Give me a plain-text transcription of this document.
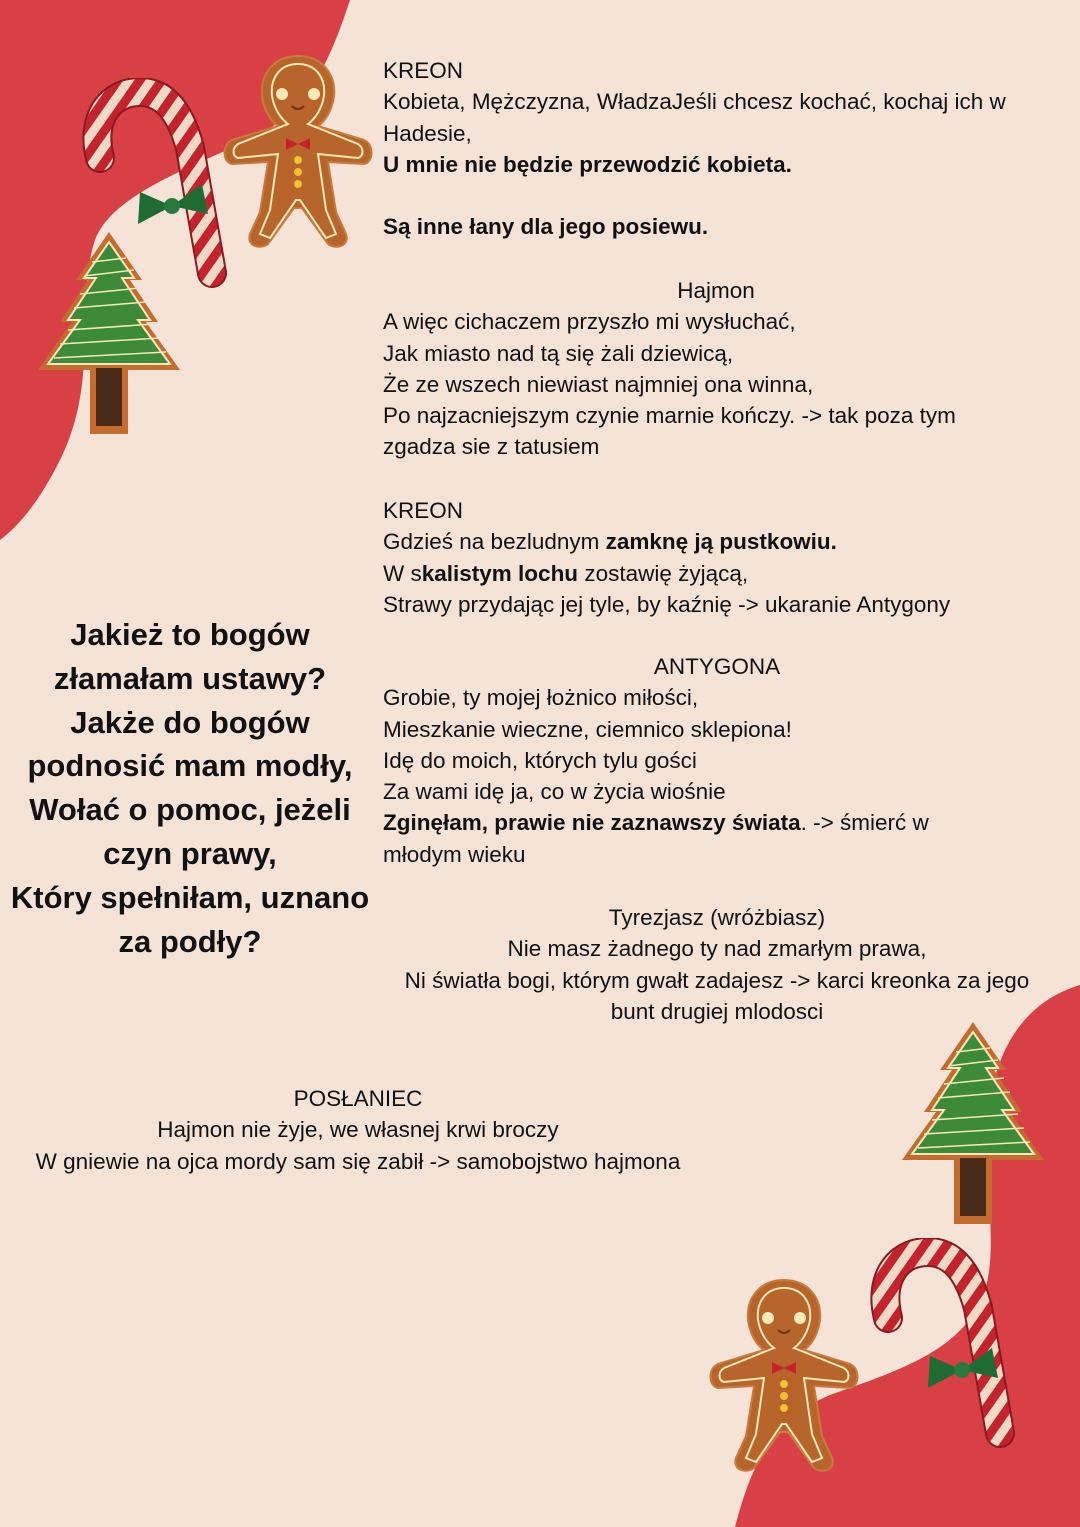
Jakież to bogów
złamałam ustawy?
Jakże do bogów
podnosić mam modły,
Wołać o pomoc, jeżeli
czyn prawy,
Który spełniłam, uznano
za podły?
KREON
Kobieta, Mężczyzna, WładzaJeśli chcesz kochać, kochaj ich w
Hadesie,
U mnie nie będzie przewodzić kobieta.

Są inne łany dla jego posiewu.
Hajmon
A więc cichaczem przyszło mi wysłuchać,
Jak miasto nad tą się żali dziewicą,
Że ze wszech niewiast najmniej ona winna,
Po najzacniejszym czynie marnie kończy. -> tak poza tym
zgadza sie z tatusiem
KREON
Gdzieś na bezludnym zamknę ją pustkowiu.
W skalistym lochu zostawię żyjącą,
Strawy przydając jej tyle, by kaźnię -> ukaranie Antygony
ANTYGONA
Grobie, ty mojej łożnico miłości,
Mieszkanie wieczne, ciemnico sklepiona!
Idę do moich, których tylu gości
Za wami idę ja, co w życia wiośnie
Zginęłam, prawie nie zaznawszy świata. -> śmierć w
młodym wieku
Tyrezjasz (wróżbiasz)
Nie masz żadnego ty nad zmarłym prawa,
Ni światła bogi, którym gwałt zadajesz -> karci kreonka za jego
bunt drugiej mlodosci
POSŁANIEC
Hajmon nie żyje, we własnej krwi broczy
W gniewie na ojca mordy sam się zabił -> samobojstwo hajmona
